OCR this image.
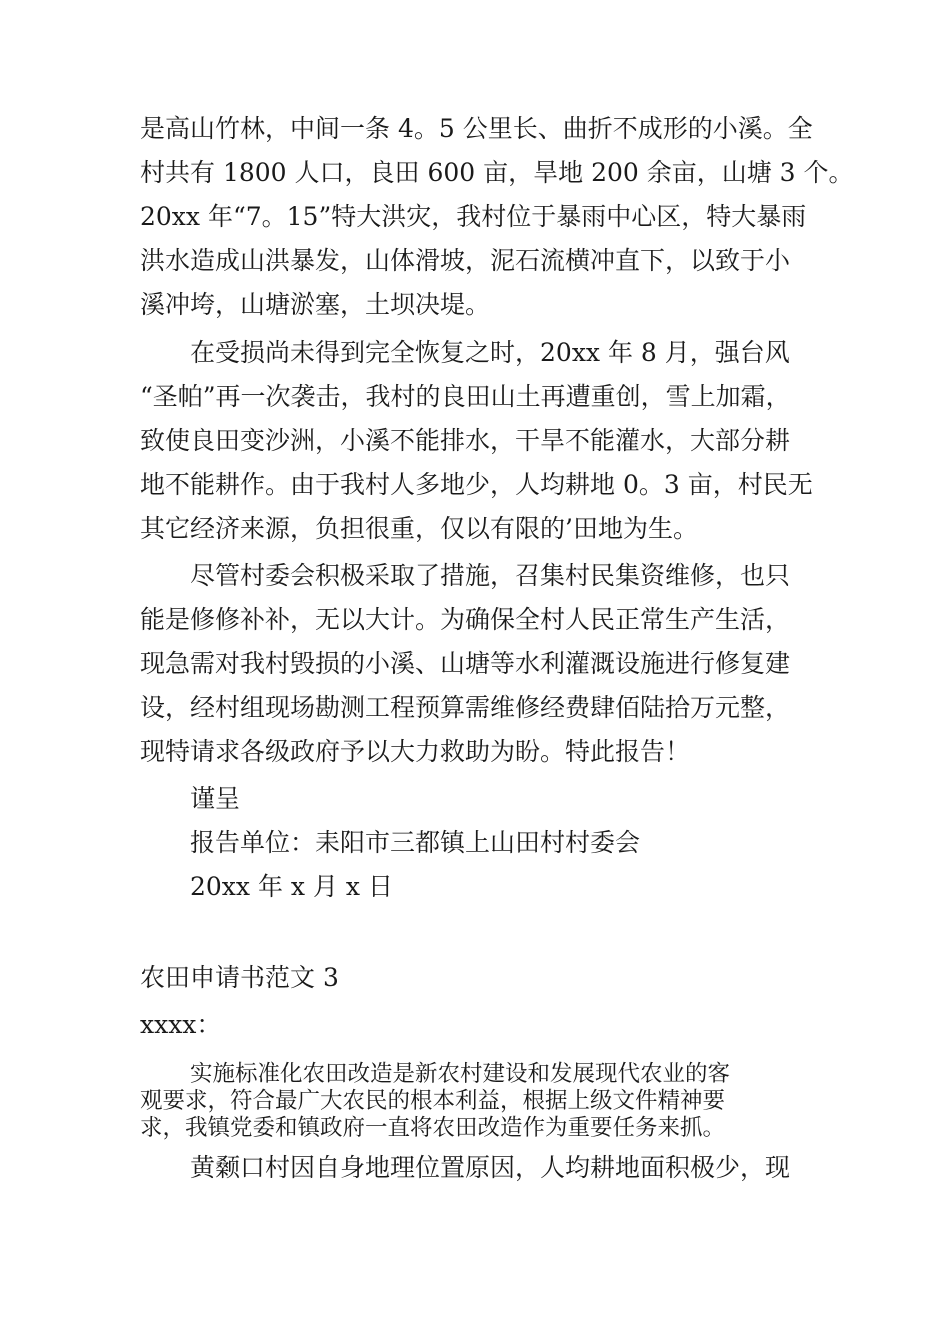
是高山竹林，中间一条 4。5 公里长、曲折不成形的小溪。全

村共有 1800 人口，良田 600 亩，旱地 200 余亩，山塘 3 个。

20xx 年“7。15”特大洪灾，我村位于暴雨中心区，特大暴雨

洪水造成山洪暴发，山体滑坡，泥石流横冲直下，以致于小

溪冲垮，山塘淤塞，土坝决堤。

在受损尚未得到完全恢复之时，20xx 年 8 月，强台风

“圣帕”再一次袭击，我村的良田山土再遭重创，雪上加霜，

致使良田变沙洲，小溪不能排水，干旱不能灌水，大部分耕

地不能耕作。由于我村人多地少，人均耕地 0。3 亩，村民无

其它经济来源，负担很重，仅以有限的’田地为生。

尽管村委会积极采取了措施，召集村民集资维修，也只

能是修修补补，无以大计。为确保全村人民正常生产生活，

现急需对我村毁损的小溪、山塘等水利灌溉设施进行修复建

设，经村组现场勘测工程预算需维修经费肆佰陆拾万元整，

现特请求各级政府予以大力救助为盼。特此报告！

谨呈

报告单位：耒阳市三都镇上山田村村委会

20xx 年 x 月 x 日

农田申请书范文 3

xxxx：

实施标准化农田改造是新农村建设和发展现代农业的客

观要求，符合最广大农民的根本利益，根据上级文件精神要

求，我镇党委和镇政府一直将农田改造作为重要任务来抓。

黄颡口村因自身地理位置原因，人均耕地面积极少，现
